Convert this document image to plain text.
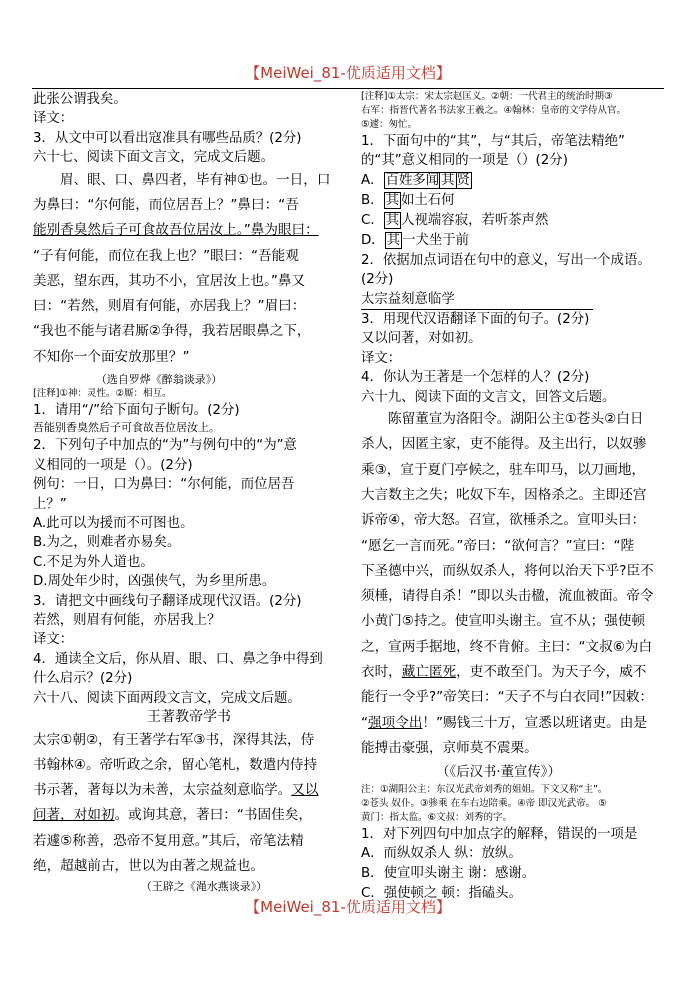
【MeiWei_81-优质适用文档】
此张公谓我矣。
译文：
3．从文中可以看出寇准具有哪些品质？(2分)
六十七、阅读下面文言文，完成文后题。
眉、眼、口、鼻四者，毕有神①也。一日，口
为鼻曰：“尔何能，而位居吾上？”鼻曰：“吾
能别香臭然后子可食故吾位居汝上。”鼻为眼曰：
“子有何能，而位在我上也？”眼曰：“吾能观
美恶，望东西，其功不小，宜居汝上也。”鼻又
曰：“若然，则眉有何能，亦居我上？”眉曰：
“我也不能与诸君厮②争得，我若居眼鼻之下，
不知你一个面安放那里？”
（选自罗烨《醉翁谈录》）
[注释]①神：灵性。②厮：相互。
1．请用“/”给下面句子断句。(2分)
吾能别香臭然后子可食故吾位居汝上。
2．下列句子中加点的“为”与例句中的“为”意
义相同的一项是（）。(2分)
例句：一日，口为鼻曰：“尔何能，而位居吾
上？”
A.此可以为援而不可图也。
B.为之，则难者亦易矣。
C.不足为外人道也。
D.周处年少时，凶强侠气，为乡里所患。
3．请把文中画线句子翻译成现代汉语。(2分)
若然，则眉有何能，亦居我上？
译文：
4．通读全文后，你从眉、眼、口、鼻之争中得到
什么启示？(2分)
六十八、阅读下面两段文言文，完成文后题。
王著教帝学书
太宗①朝②，有王著学右军③书，深得其法，侍
书翰林④。帝听政之余，留心笔札，数遣内侍持
书示著，著每以为未善，太宗益刻意临学。又以
问著，对如初。或询其意，著曰：“书固佳矣，
若遽⑤称善，恐帝不复用意。”其后，帝笔法精
绝，超越前古，世以为由著之规益也。
（王辟之《渑水燕谈录》）
[注释]①太宗：宋太宗赵匡义。②朝：一代君主的统治时期③
右军：指晋代著名书法家王羲之。④翰林：皇帝的文学侍从官。
⑤遽：匆忙。
1．下面句中的“其”，与“其后，帝笔法精绝”
的“其”意义相同的一项是（）(2分)
A． 百姓多闻 其 贤
B． 其 如土石何
C． 其 人视端容寂，若听茶声然
D． 其 一犬坐于前
2．依据加点词语在句中的意义，写出一个成语。
(2分)
太宗益刻意临学
3．用现代汉语翻译下面的句子。(2分)
又以问著，对如初。
译文：
4．你认为王著是一个怎样的人？(2分)
六十九、阅读下面的文言文，回答文后题。
陈留董宣为洛阳令。湖阳公主①苍头②白日
杀人，因匿主家，吏不能得。及主出行，以奴骖
乘③，宣于夏门亭候之，驻车叩马，以刀画地，
大言数主之失；叱奴下车，因格杀之。主即还宫
诉帝④，帝大怒。召宣，欲棰杀之。宣叩头曰：
“愿乞一言而死。”帝曰：“欲何言？”宣曰：“陛
下圣德中兴，而纵奴杀人，将何以治天下乎?臣不
须棰，请得自杀！”即以头击楹，流血被面。帝令
小黄门⑤持之。使宣叩头谢主。宣不从；强使顿
之，宣两手据地，终不肯俯。主曰：“文叔⑥为白
衣时，藏亡匿死，吏不敢至门。为天子今，威不
能行一令乎?”帝笑曰：“天子不与白衣同!”因敕：
“强项令出！”赐钱三十万，宣悉以班诸吏。由是
能搏击豪强，京师莫不震栗。
（《后汉书·董宣传》）
注：①湖阳公主：东汉光武帝刘秀的姐姐。下文又称“主”。
②苍头 奴仆。③骖乘 在车右边陪乘。④帝 即汉光武帝。 ⑤
黄门：指太监。⑥文叔：刘秀的字。
1．对下列四句中加点字的解释，错误的一项是
A．而纵奴杀人 纵：放纵。
B．使宣叩头谢主 谢：感谢。
C．强使顿之 顿：指磕头。
【MeiWei_81-优质适用文档】
